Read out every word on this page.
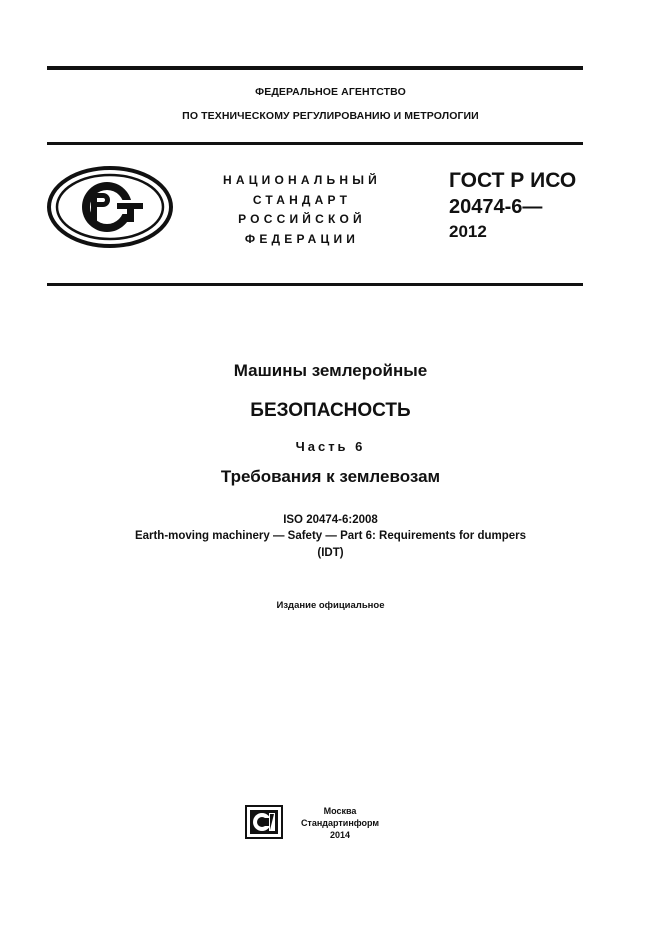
ФЕДЕРАЛЬНОЕ АГЕНТСТВО
ПО ТЕХНИЧЕСКОМУ РЕГУЛИРОВАНИЮ И МЕТРОЛОГИИ
НАЦИОНАЛЬНЫЙ
СТАНДАРТ
РОССИЙСКОЙ
ФЕДЕРАЦИИ
ГОСТ Р ИСО
20474-6—
2012
Машины землеройные
БЕЗОПАСНОСТЬ
Часть 6
Требования к землевозам
ISO 20474-6:2008
Earth-moving machinery — Safety — Part 6: Requirements for dumpers
(IDT)
Издание официальное
Москва
Стандартинформ
2014
